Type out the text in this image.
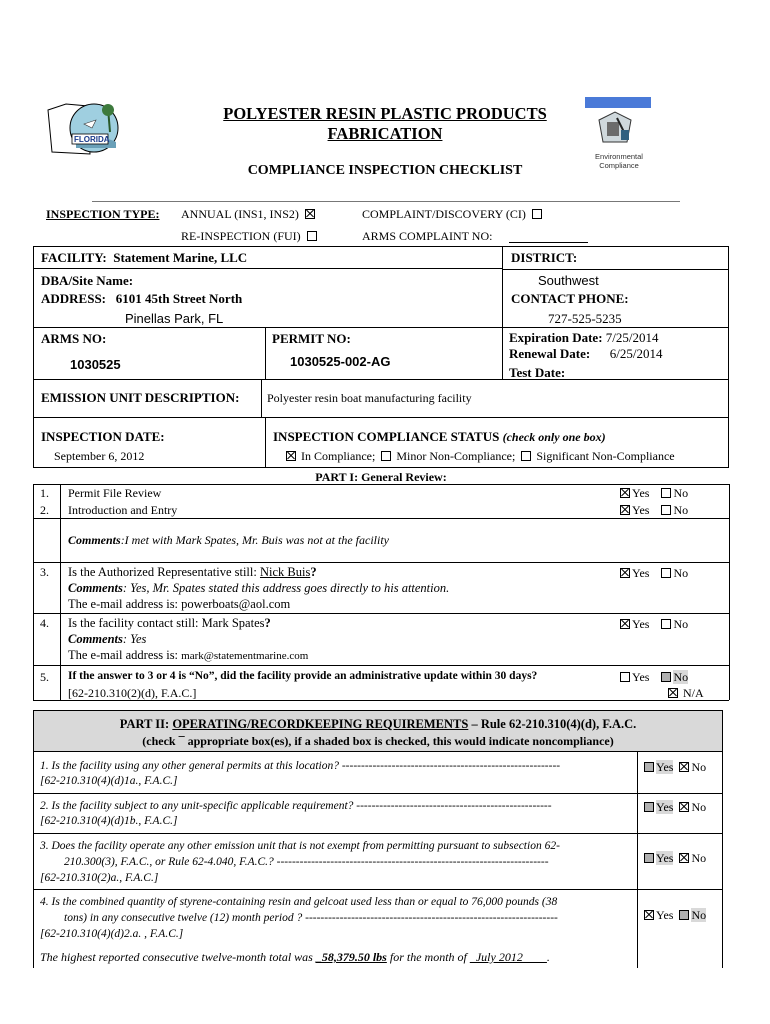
FLORIDA
POLYESTER RESIN PLASTIC PRODUCTS
FABRICATION
COMPLIANCE INSPECTION CHECKLIST
Environmental
Compliance
INSPECTION TYPE: ANNUAL (INS1, INS2)	COMPLAINT/DISCOVERY (CI)
RE-INSPECTION (FUI)	ARMS COMPLAINT NO:
FACILITY: Statement Marine, LLC	DISTRICT:
DBA/Site Name:	Southwest
ADDRESS: 6101 45th Street North	CONTACT PHONE:
Pinellas Park, FL	727-525-5235
ARMS NO:
1030525
PERMIT NO:
1030525-002-AG
Expiration Date: 7/25/2014
Renewal Date: 6/25/2014
Test Date:
EMISSION UNIT DESCRIPTION: Polyester resin boat manufacturing facility
INSPECTION DATE:
September 6, 2012
INSPECTION COMPLIANCE STATUS (check only one box)
In Compliance; Minor Non-Compliance; Significant Non-Compliance
PART I: General Review:
1. Permit File Review	Yes No
2. Introduction and Entry	Yes No
Comments:I met with Mark Spates, Mr. Buis was not at the facility
3. Is the Authorized Representative still: Nick Buis?
Comments: Yes, Mr. Spates stated this address goes directly to his attention.
The e-mail address is: powerboats@aol.com
Yes No
4. Is the facility contact still: Mark Spates?
Comments: Yes
The e-mail address is: mark@statementmarine.com
Yes No
5. If the answer to 3 or 4 is “No”, did the facility provide an administrative update within 30 days?
[62-210.310(2)(d), F.A.C.]
Yes No
N/A
PART II: OPERATING/RECORDKEEPING REQUIREMENTS – Rule 62-210.310(4)(d), F.A.C.
(check ¯ appropriate box(es), if a shaded box is checked, this would indicate noncompliance)
1. Is the facility using any other general permits at this location? ---------------------------------------------------------
[62-210.310(4)(d)1a., F.A.C.]
Yes No
2. Is the facility subject to any unit-specific applicable requirement? ---------------------------------------------------
[62-210.310(4)(d)1b., F.A.C.]
Yes No
3. Does the facility operate any other emission unit that is not exempt from permitting pursuant to subsection 62-
210.300(3), F.A.C., or Rule 62-4.040, F.A.C.? -----------------------------------------------------------------------
[62-210.310(2)a., F.A.C.]
Yes No
4. Is the combined quantity of styrene-containing resin and gelcoat used less than or equal to 76,000 pounds (38
tons) in any consecutive twelve (12) month period ? ------------------------------------------------------------------
[62-210.310(4)(d)2.a. , F.A.C.]
Yes No
The highest reported consecutive twelve-month total was _58,379.50 lbs for the month of _July 2012____.
